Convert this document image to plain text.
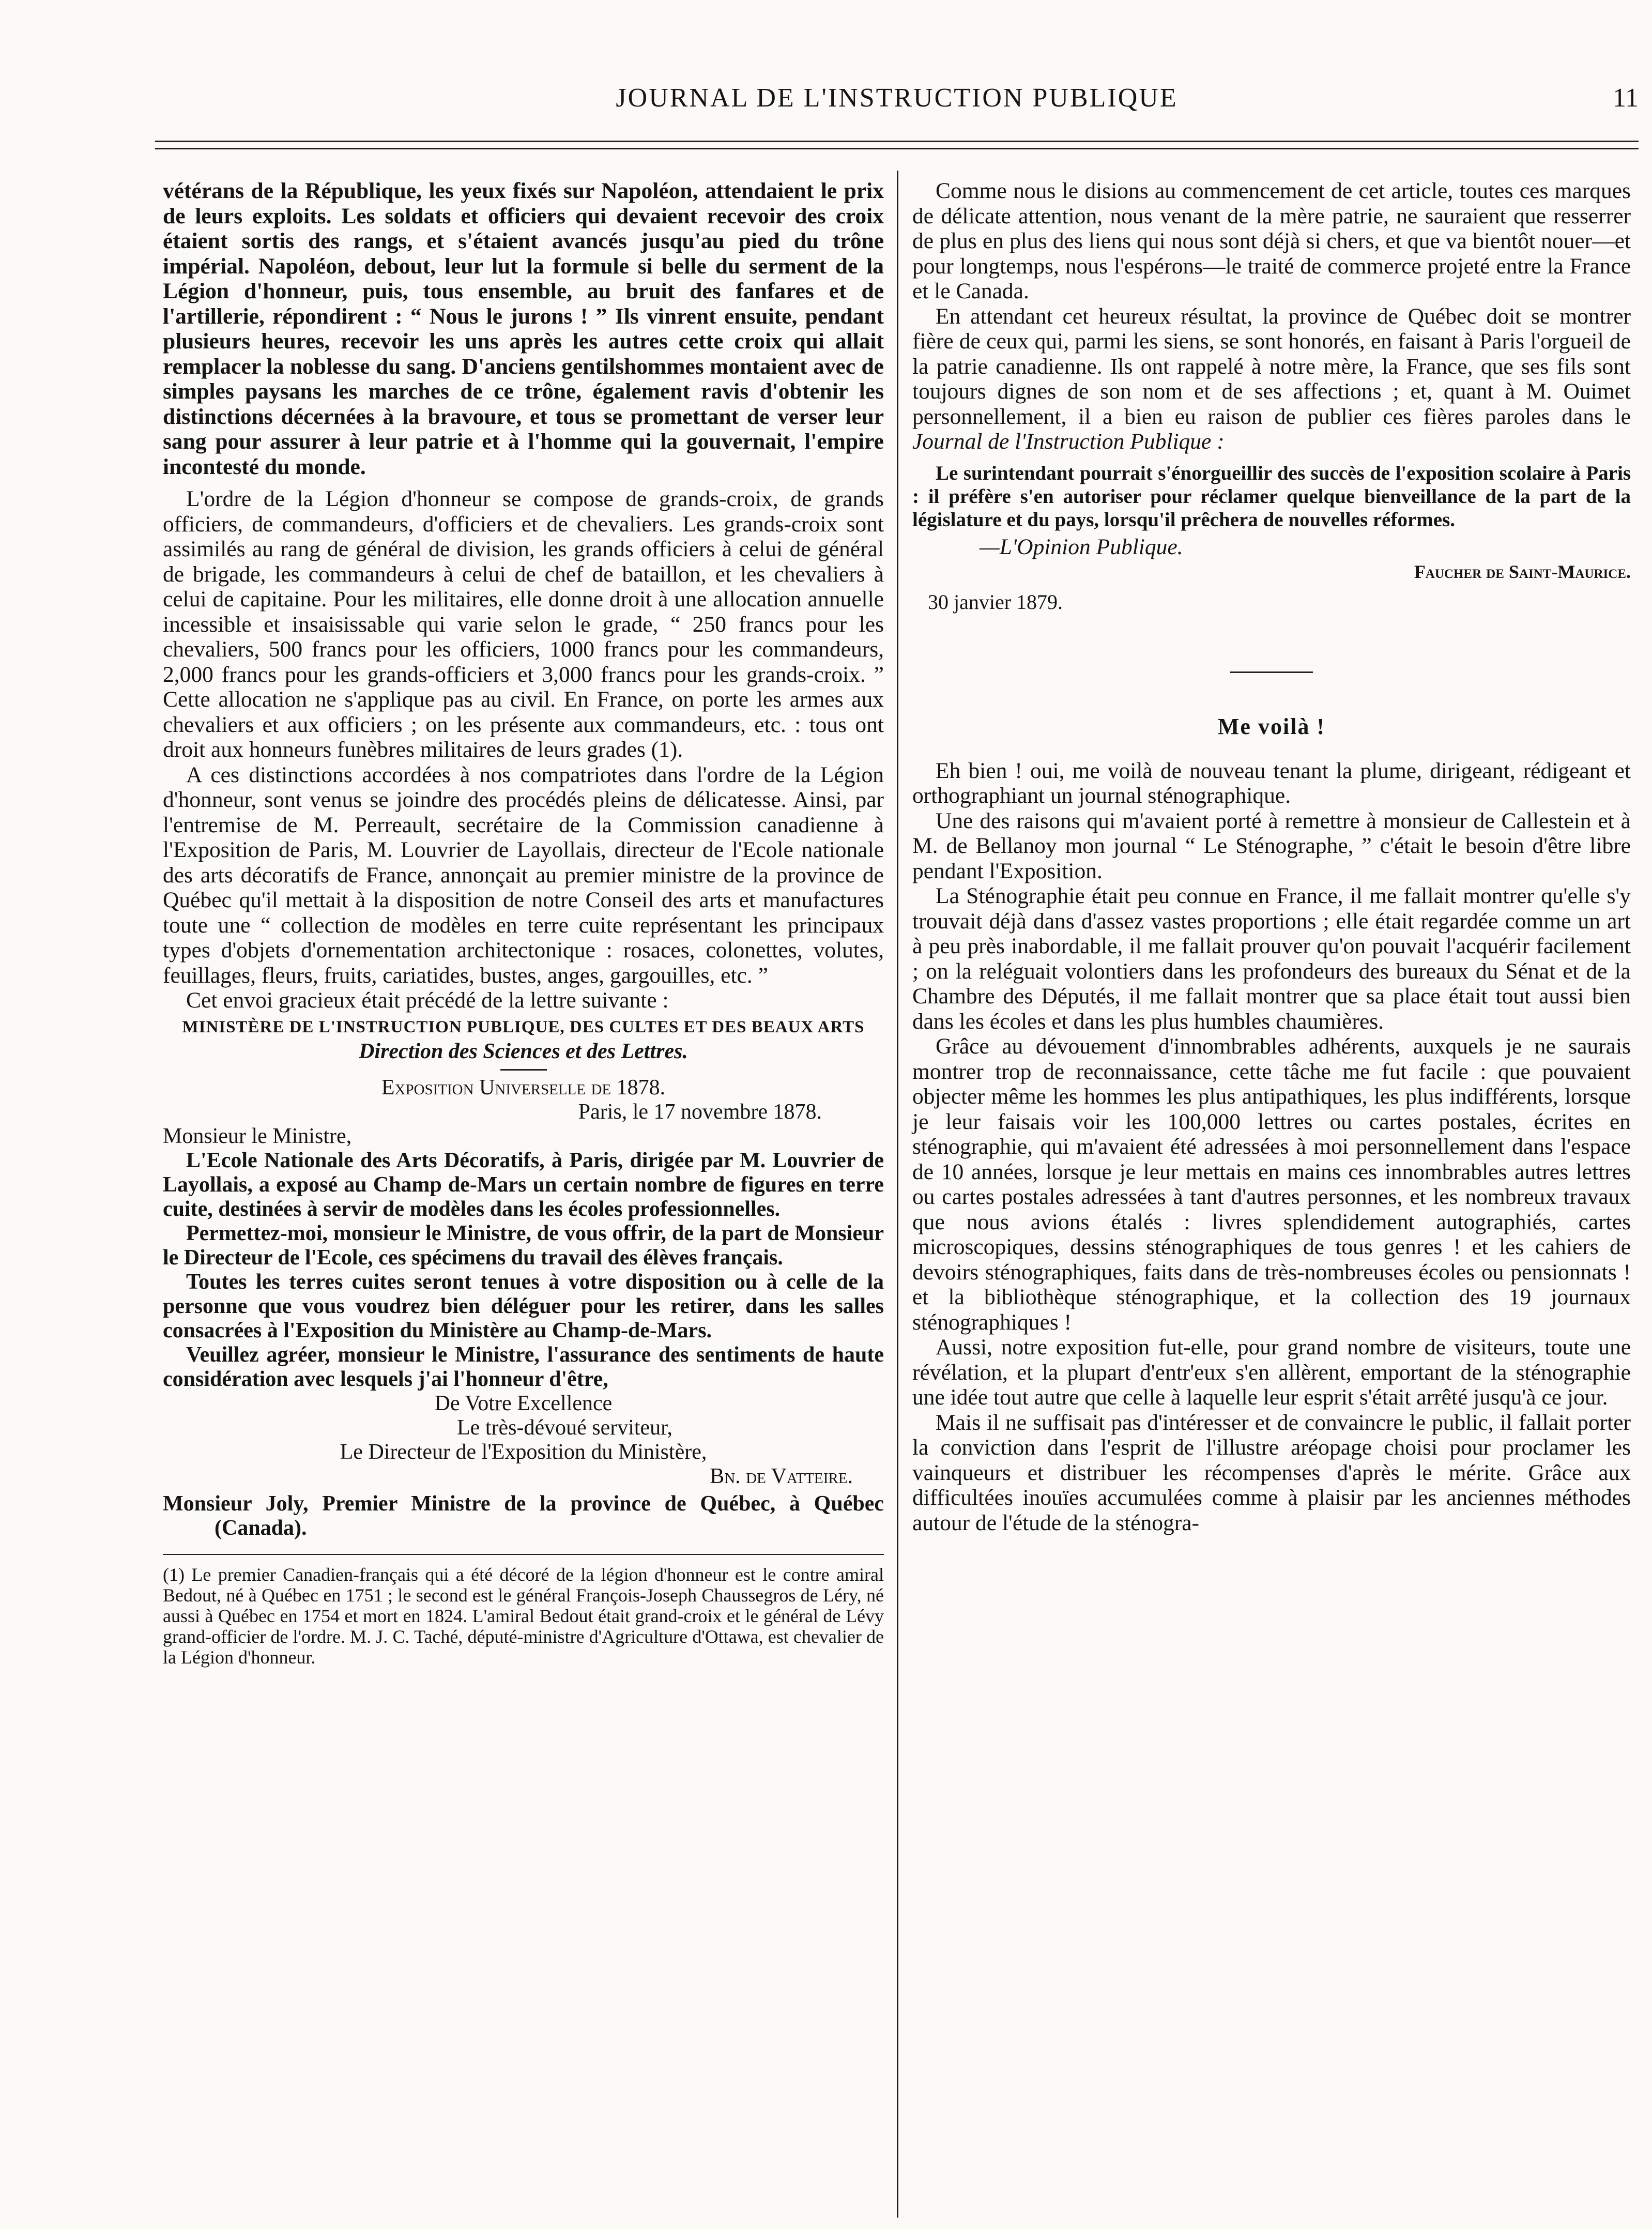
JOURNAL DE L'INSTRUCTION PUBLIQUE	11

vétérans de la République, les yeux fixés sur Napoléon, attendaient le prix de leurs exploits. Les soldats et officiers qui devaient recevoir des croix étaient sortis des rangs, et s'étaient avancés jusqu'au pied du trône impérial. Napoléon, debout, leur lut la formule si belle du serment de la Légion d'honneur, puis, tous ensemble, au bruit des fanfares et de l'artillerie, répondirent : “ Nous le jurons ! ” Ils vinrent ensuite, pendant plusieurs heures, recevoir les uns après les autres cette croix qui allait remplacer la noblesse du sang. D'anciens gentilshommes montaient avec de simples paysans les marches de ce trône, également ravis d'obtenir les distinctions décernées à la bravoure, et tous se promettant de verser leur sang pour assurer à leur patrie et à l'homme qui la gouvernait, l'empire incontesté du monde.

L'ordre de la Légion d'honneur se compose de grands-croix, de grands officiers, de commandeurs, d'officiers et de chevaliers. Les grands-croix sont assimilés au rang de général de division, les grands officiers à celui de général de brigade, les commandeurs à celui de chef de bataillon, et les chevaliers à celui de capitaine. Pour les militaires, elle donne droit à une allocation annuelle incessible et insaisissable qui varie selon le grade, “ 250 francs pour les chevaliers, 500 francs pour les officiers, 1000 francs pour les commandeurs, 2,000 francs pour les grands-officiers et 3,000 francs pour les grands-croix. ” Cette allocation ne s'applique pas au civil. En France, on porte les armes aux chevaliers et aux officiers ; on les présente aux commandeurs, etc. : tous ont droit aux honneurs funèbres militaires de leurs grades (1).

A ces distinctions accordées à nos compatriotes dans l'ordre de la Légion d'honneur, sont venus se joindre des procédés pleins de délicatesse. Ainsi, par l'entremise de M. Perreault, secrétaire de la Commission canadienne à l'Exposition de Paris, M. Louvrier de Layollais, directeur de l'Ecole nationale des arts décoratifs de France, annonçait au premier ministre de la province de Québec qu'il mettait à la disposition de notre Conseil des arts et manufactures toute une “ collection de modèles en terre cuite représentant les principaux types d'objets d'ornementation architectonique : rosaces, colonettes, volutes, feuillages, fleurs, fruits, cariatides, bustes, anges, gargouilles, etc. ”

Cet envoi gracieux était précédé de la lettre suivante :

MINISTÈRE DE L'INSTRUCTION PUBLIQUE, DES CULTES ET DES BEAUX ARTS

Direction des Sciences et des Lettres.

Exposition Universelle de 1878.

Paris, le 17 novembre 1878.

Monsieur le Ministre,

L'Ecole Nationale des Arts Décoratifs, à Paris, dirigée par M. Louvrier de Layollais, a exposé au Champ de-Mars un certain nombre de figures en terre cuite, destinées à servir de modèles dans les écoles professionnelles.

Permettez-moi, monsieur le Ministre, de vous offrir, de la part de Monsieur le Directeur de l'Ecole, ces spécimens du travail des élèves français.

Toutes les terres cuites seront tenues à votre disposition ou à celle de la personne que vous voudrez bien déléguer pour les retirer, dans les salles consacrées à l'Exposition du Ministère au Champ-de-Mars.

Veuillez agréer, monsieur le Ministre, l'assurance des sentiments de haute considération avec lesquels j'ai l'honneur d'être,

De Votre Excellence

Le très-dévoué serviteur,

Le Directeur de l'Exposition du Ministère,

Bn. de Vatteire.

Monsieur Joly, Premier Ministre de la province de Québec, à Québec (Canada).

(1) Le premier Canadien-français qui a été décoré de la légion d'honneur est le contre amiral Bedout, né à Québec en 1751 ; le second est le général François-Joseph Chaussegros de Léry, né aussi à Québec en 1754 et mort en 1824. L'amiral Bedout était grand-croix et le général de Lévy grand-officier de l'ordre. M. J. C. Taché, député-ministre d'Agriculture d'Ottawa, est chevalier de la Légion d'honneur.

Comme nous le disions au commencement de cet article, toutes ces marques de délicate attention, nous venant de la mère patrie, ne sauraient que resserrer de plus en plus des liens qui nous sont déjà si chers, et que va bientôt nouer—et pour longtemps, nous l'espérons—le traité de commerce projeté entre la France et le Canada.

En attendant cet heureux résultat, la province de Québec doit se montrer fière de ceux qui, parmi les siens, se sont honorés, en faisant à Paris l'orgueil de la patrie canadienne. Ils ont rappelé à notre mère, la France, que ses fils sont toujours dignes de son nom et de ses affections ; et, quant à M. Ouimet personnellement, il a bien eu raison de publier ces fières paroles dans le Journal de l'Instruction Publique :

Le surintendant pourrait s'énorgueillir des succès de l'exposition scolaire à Paris : il préfère s'en autoriser pour réclamer quelque bienveillance de la part de la législature et du pays, lorsqu'il prêchera de nouvelles réformes.

—L'Opinion Publique.

Faucher de Saint-Maurice.

30 janvier 1879.

Me voilà !

Eh bien ! oui, me voilà de nouveau tenant la plume, dirigeant, rédigeant et orthographiant un journal sténographique.

Une des raisons qui m'avaient porté à remettre à monsieur de Callestein et à M. de Bellanoy mon journal “ Le Sténographe, ” c'était le besoin d'être libre pendant l'Exposition.

La Sténographie était peu connue en France, il me fallait montrer qu'elle s'y trouvait déjà dans d'assez vastes proportions ; elle était regardée comme un art à peu près inabordable, il me fallait prouver qu'on pouvait l'acquérir facilement ; on la reléguait volontiers dans les profondeurs des bureaux du Sénat et de la Chambre des Députés, il me fallait montrer que sa place était tout aussi bien dans les écoles et dans les plus humbles chaumières.

Grâce au dévouement d'innombrables adhérents, auxquels je ne saurais montrer trop de reconnaissance, cette tâche me fut facile : que pouvaient objecter même les hommes les plus antipathiques, les plus indifférents, lorsque je leur faisais voir les 100,000 lettres ou cartes postales, écrites en sténographie, qui m'avaient été adressées à moi personnellement dans l'espace de 10 années, lorsque je leur mettais en mains ces innombrables autres lettres ou cartes postales adressées à tant d'autres personnes, et les nombreux travaux que nous avions étalés : livres splendidement autographiés, cartes microscopiques, dessins sténographiques de tous genres ! et les cahiers de devoirs sténographiques, faits dans de très-nombreuses écoles ou pensionnats ! et la bibliothèque sténographique, et la collection des 19 journaux sténographiques !

Aussi, notre exposition fut-elle, pour grand nombre de visiteurs, toute une révélation, et la plupart d'entr'eux s'en allèrent, emportant de la sténographie une idée tout autre que celle à laquelle leur esprit s'était arrêté jusqu'à ce jour.

Mais il ne suffisait pas d'intéresser et de convaincre le public, il fallait porter la conviction dans l'esprit de l'illustre aréopage choisi pour proclamer les vainqueurs et distribuer les récompenses d'après le mérite. Grâce aux difficultées inouïes accumulées comme à plaisir par les anciennes méthodes autour de l'étude de la sténogra-
